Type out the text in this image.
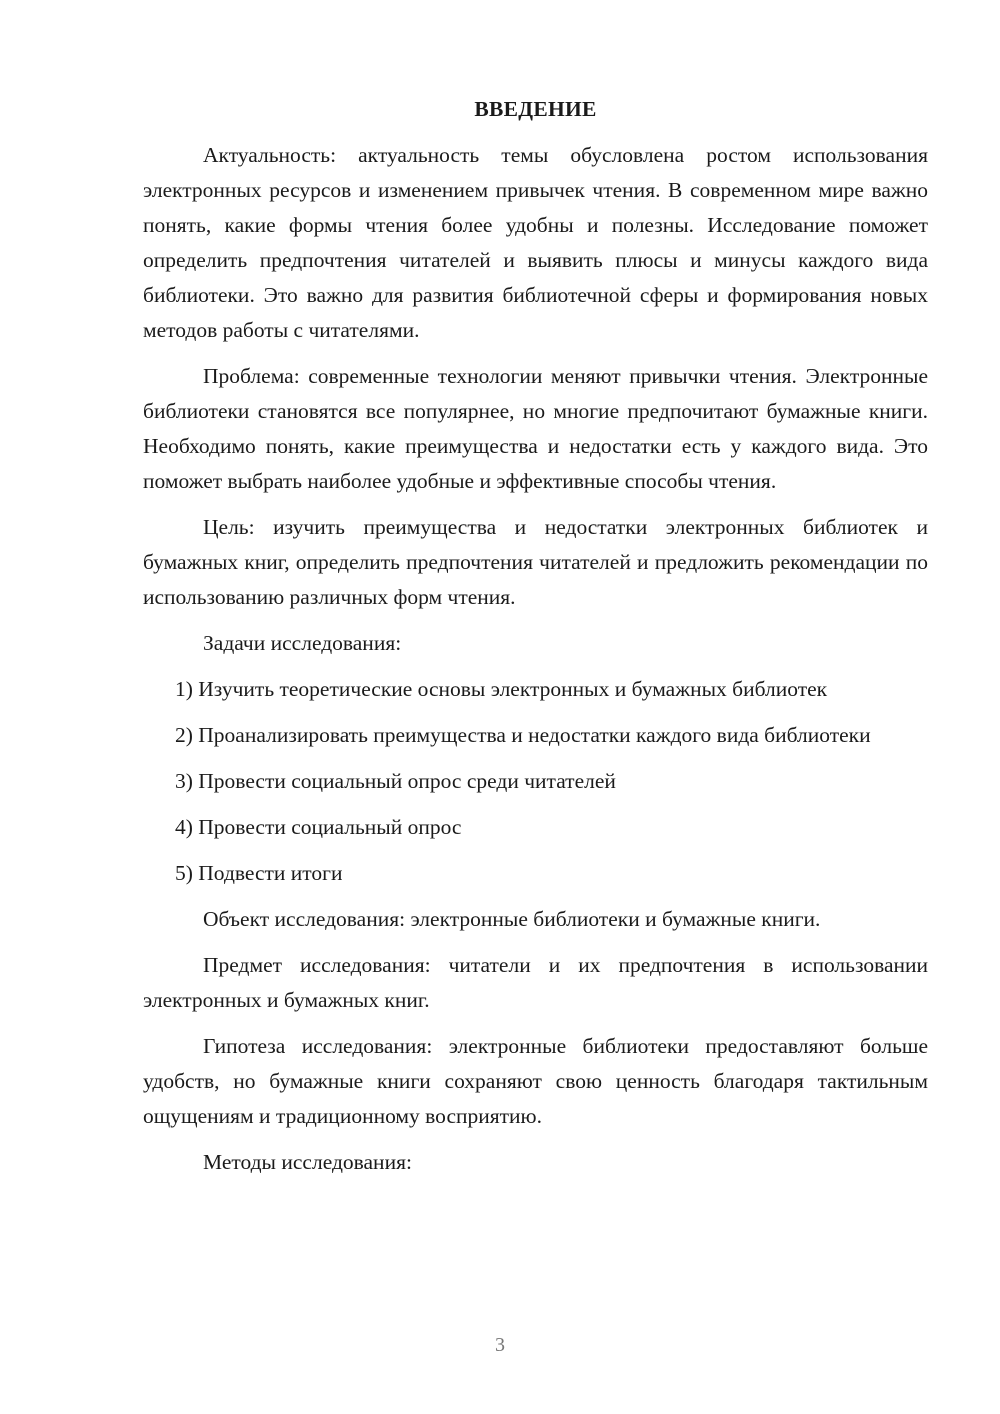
ВВЕДЕНИЕ

Актуальность: актуальность темы обусловлена ростом использования электронных ресурсов и изменением привычек чтения. В современном мире важно понять, какие формы чтения более удобны и полезны. Исследование поможет определить предпочтения читателей и выявить плюсы и минусы каждого вида библиотеки. Это важно для развития библиотечной сферы и формирования новых методов работы с читателями.

Проблема: современные технологии меняют привычки чтения. Электронные библиотеки становятся все популярнее, но многие предпочитают бумажные книги. Необходимо понять, какие преимущества и недостатки есть у каждого вида. Это поможет выбрать наиболее удобные и эффективные способы чтения.

Цель: изучить преимущества и недостатки электронных библиотек и бумажных книг, определить предпочтения читателей и предложить рекомендации по использованию различных форм чтения.

Задачи исследования:

1) Изучить теоретические основы электронных и бумажных библиотек

2) Проанализировать преимущества и недостатки каждого вида библиотеки

3) Провести социальный опрос среди читателей

4) Провести социальный опрос

5) Подвести итоги

Объект исследования: электронные библиотеки и бумажные книги.

Предмет исследования: читатели и их предпочтения в использовании электронных и бумажных книг.

Гипотеза исследования: электронные библиотеки предоставляют больше удобств, но бумажные книги сохраняют свою ценность благодаря тактильным ощущениям и традиционному восприятию.

Методы исследования:

3
